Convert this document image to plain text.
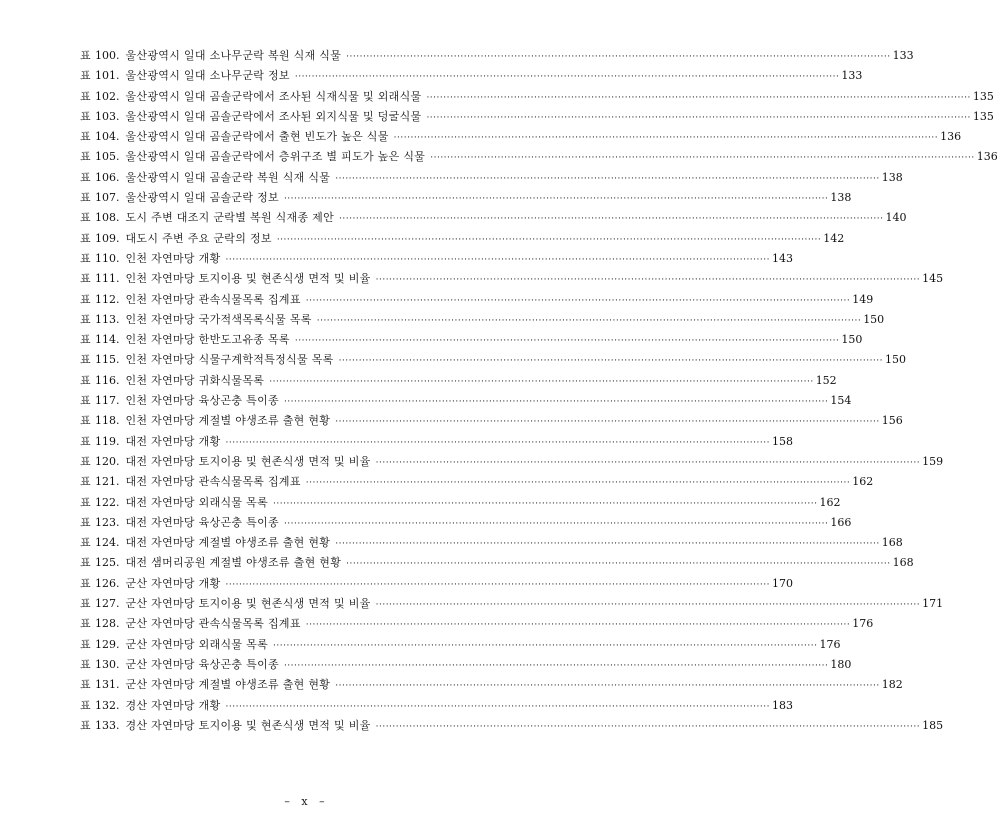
표 100. 울산광역시 일대 소나무군락 복원 식재 식물 ·····	133
표 101. 울산광역시 일대 소나무군락 정보 ·····	133
표 102. 울산광역시 일대 곰솔군락에서 조사된 식재식물 및 외래식물 ·····	135
표 103. 울산광역시 일대 곰솔군락에서 조사된 외지식물 및 덩굴식물 ·····	135
표 104. 울산광역시 일대 곰솔군락에서 출현 빈도가 높은 식물 ·····	136
표 105. 울산광역시 일대 곰솔군락에서 층위구조 별 피도가 높은 식물 ·····	136
표 106. 울산광역시 일대 곰솔군락 복원 식재 식물 ·····	138
표 107. 울산광역시 일대 곰솔군락 정보 ·····	138
표 108. 도시 주변 대조지 군락별 복원 식재종 제안 ·····	140
표 109. 대도시 주변 주요 군락의 정보 ·····	142
표 110. 인천 자연마당 개황 ·····	143
표 111. 인천 자연마당 토지이용 및 현존식생 면적 및 비율 ·····	145
표 112. 인천 자연마당 관속식물목록 집계표 ·····	149
표 113. 인천 자연마당 국가적색목록식물 목록 ·····	150
표 114. 인천 자연마당 한반도고유종 목록 ·····	150
표 115. 인천 자연마당 식물구계학적특정식물 목록 ·····	150
표 116. 인천 자연마당 귀화식물목록 ·····	152
표 117. 인천 자연마당 육상곤충 특이종 ·····	154
표 118. 인천 자연마당 계절별 야생조류 출현 현황 ·····	156
표 119. 대전 자연마당 개황 ·····	158
표 120. 대전 자연마당 토지이용 및 현존식생 면적 및 비율 ·····	159
표 121. 대전 자연마당 관속식물목록 집계표 ·····	162
표 122. 대전 자연마당 외래식물 목록 ·····	162
표 123. 대전 자연마당 육상곤충 특이종 ·····	166
표 124. 대전 자연마당 계절별 야생조류 출현 현황 ·····	168
표 125. 대전 샘머리공원 계절별 야생조류 출현 현황 ·····	168
표 126. 군산 자연마당 개황 ·····	170
표 127. 군산 자연마당 토지이용 및 현존식생 면적 및 비율 ·····	171
표 128. 군산 자연마당 관속식물목록 집계표 ·····	176
표 129. 군산 자연마당 외래식물 목록 ·····	176
표 130. 군산 자연마당 육상곤충 특이종 ·····	180
표 131. 군산 자연마당 계절별 야생조류 출현 현황 ·····	182
표 132. 경산 자연마당 개황 ·····	183
표 133. 경산 자연마당 토지이용 및 현존식생 면적 및 비율 ·····	185
– x –
